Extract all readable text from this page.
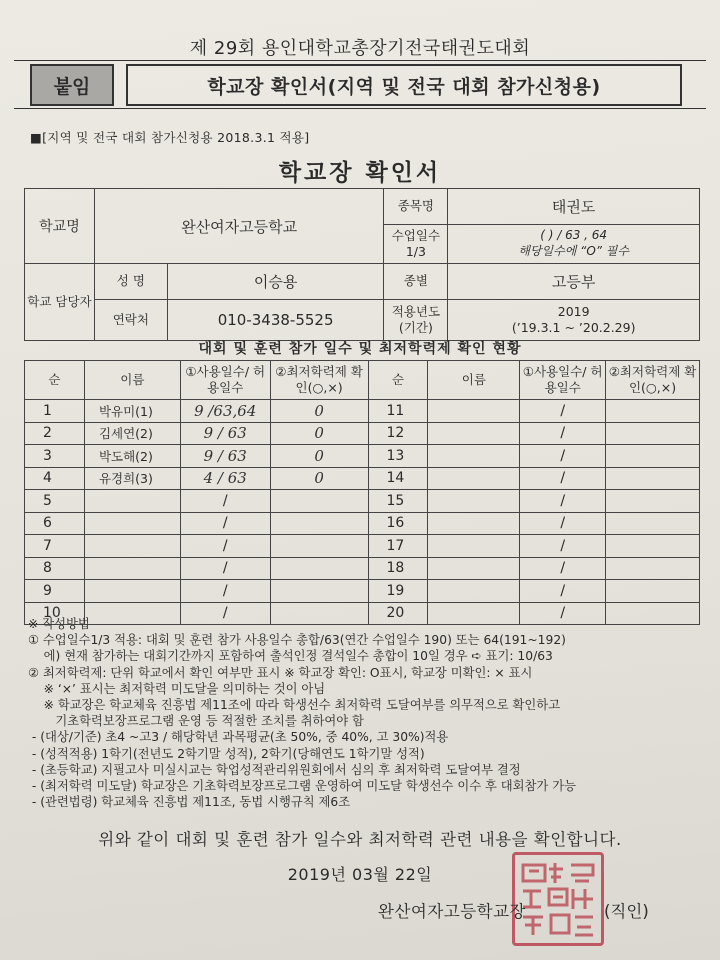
제 29회 용인대학교총장기전국태권도대회
붙임	학교장 확인서(지역 및 전국 대회 참가신청용)
■[지역 및 전국 대회 참가신청용 2018.3.1 적용]
학교장 확인서
학교명	완산여자고등학교		종목명	태권도
			수업일수 1/3	( ) / 63 , 64
해당일수에 “O” 필수

학교 담당자	성 명	이승용	종별	고등부
	연락처	010-3438-5525	적용년도 (기간)	2019
(’19.3.1 ~ ’20.2.29)
대회 및 훈련 참가 일수 및 최저학력제 확인 현황
순	이름	①사용일수/ 허용일수	②최저학력제 확인(○,×)	순	이름	①사용일수/ 허용일수	②최저학력제 확인(○,×)
1	박유미(1)	9 /63,64	0	11		/	
2	김세연(2)	9 / 63	0	12		/	
3	박도해(2)	9 / 63	0	13		/	
4	유경희(3)	4 / 63	0	14		/	
5		/		15		/	
6		/		16		/	
7		/		17		/	
8		/		18		/	
9		/		19		/	
10		/		20		/	
※ 작성방법
① 수업일수1/3 적용: 대회 및 훈련 참가 사용일수 총합/63(연간 수업일수 190) 또는 64(191~192)
에) 현재 참가하는 대회기간까지 포함하여 출석인정 결석일수 총합이 10일 경우 ➪ 표기: 10/63
② 최저학력제: 단위 학교에서 확인 여부만 표시 ※ 학교장 확인: O표시, 학교장 미확인: × 표시
※ ‘×’ 표시는 최저학력 미도달을 의미하는 것이 아님
※ 학교장은 학교체육 진흥법 제11조에 따라 학생선수 최저학력 도달여부를 의무적으로 확인하고
기초학력보장프로그램 운영 등 적절한 조치를 취하여야 함
- (대상/기준) 초4 ~고3 / 해당학년 과목평균(초 50%, 중 40%, 고 30%)적용
- (성적적용) 1학기(전년도 2학기말 성적), 2학기(당해연도 1학기말 성적)
- (초등학교) 지필고사 미실시교는 학업성적관리위원회에서 심의 후 최저학력 도달여부 결정
- (최저학력 미도달) 학교장은 기초학력보장프로그램 운영하여 미도달 학생선수 이수 후 대회참가 가능
- (관련법령) 학교체육 진흥법 제11조, 동법 시행규칙 제6조
위와 같이 대회 및 훈련 참가 일수와 최저학력 관련 내용을 확인합니다.
2019년 03월 22일
완산여자고등학교장	(직인)
